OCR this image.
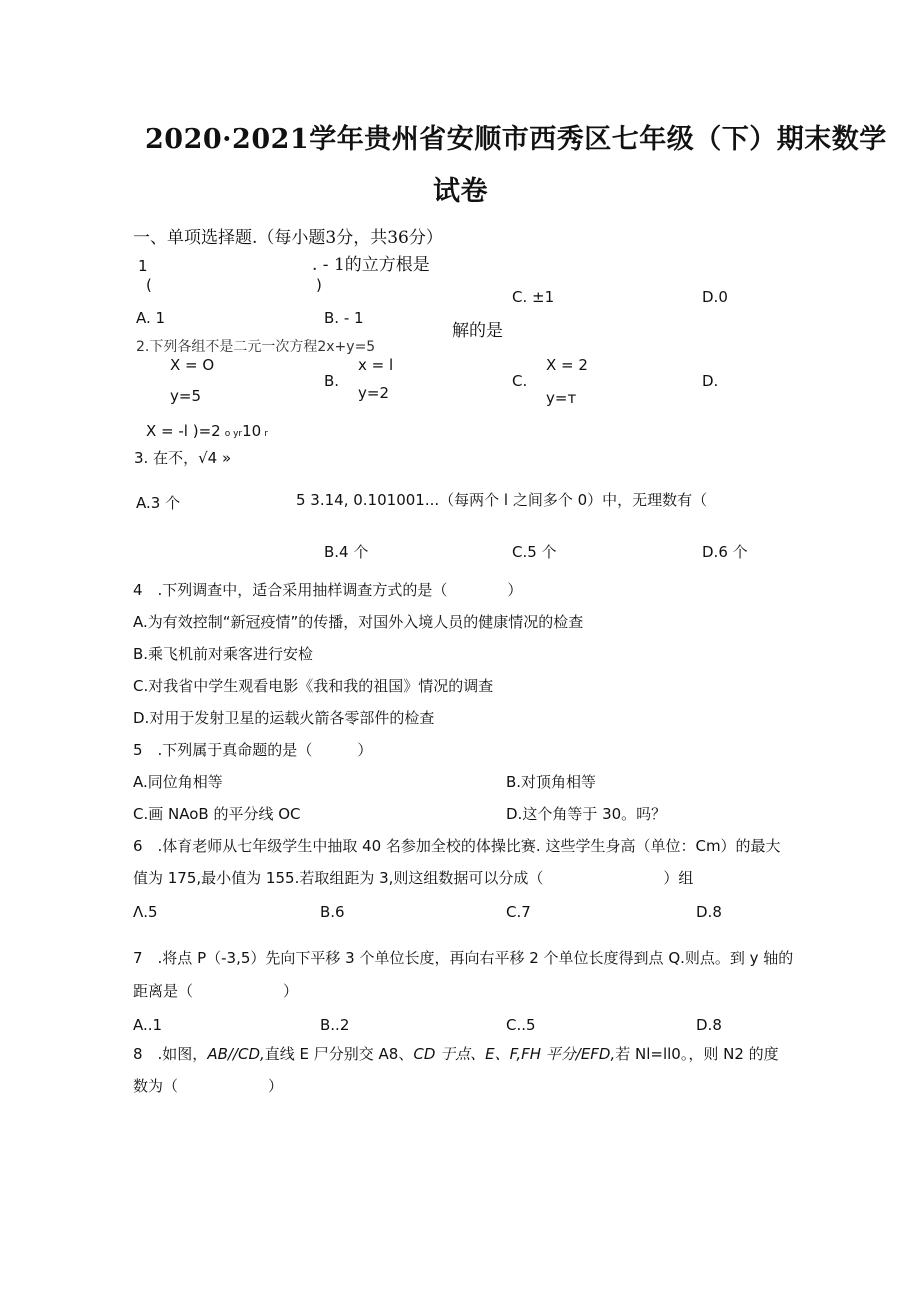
2020·2021学年贵州省安顺市西秀区七年级（下）期末数学
试卷
一、单项选择题.（每小题3分，共36分）
1	. - 1的立方根是
(	)
C. ±1	D.0
A. 1	B. - 1
解的是
2.下列各组不是二元一次方程2x+y=5
X = O
y=5
B.
x = l
y=2
C.
X = 2
y=т
D.
X = -l )=2 o yr10 r
3. 在不，√4 »
A.3 个	5 3.14, 0.101001...（每两个 l 之间多个 0）中，无理数有（
B.4 个	C.5 个	D.6 个
4　.下列调查中，适合采用抽样调查方式的是（　　　　）
A.为有效控制“新冠疫情”的传播，对国外入境人员的健康情况的检查
B.乘飞机前对乘客进行安检
C.对我省中学生观看电影《我和我的祖国》情况的调查
D.对用于发射卫星的运载火箭各零部件的检查
5　.下列属于真命题的是（　　　）
A.同位角相等	B.对顶角相等
C.画 NAoB 的平分线 OC	D.这个角等于 30。吗？
6　.体育老师从七年级学生中抽取 40 名参加全校的体操比赛. 这些学生身高（单位：Cm）的最大
值为 175,最小值为 155.若取组距为 3,则这组数据可以分成（　　　　　　　　）组
Λ.5	B.6	C.7	D.8
7　.将点 P（-3,5）先向下平移 3 个单位长度，再向右平移 2 个单位长度得到点 Q.则点。到 y 轴的
距离是（　　　　　　）
A..1	B..2	C..5	D.8
8　.如图，AB//CD,直线 E 尸分别交 A8、CD 于点、E、F,FH 平分/EFD,若 Nl=ll0。，则 N2 的度
数为（　　　　　　）
